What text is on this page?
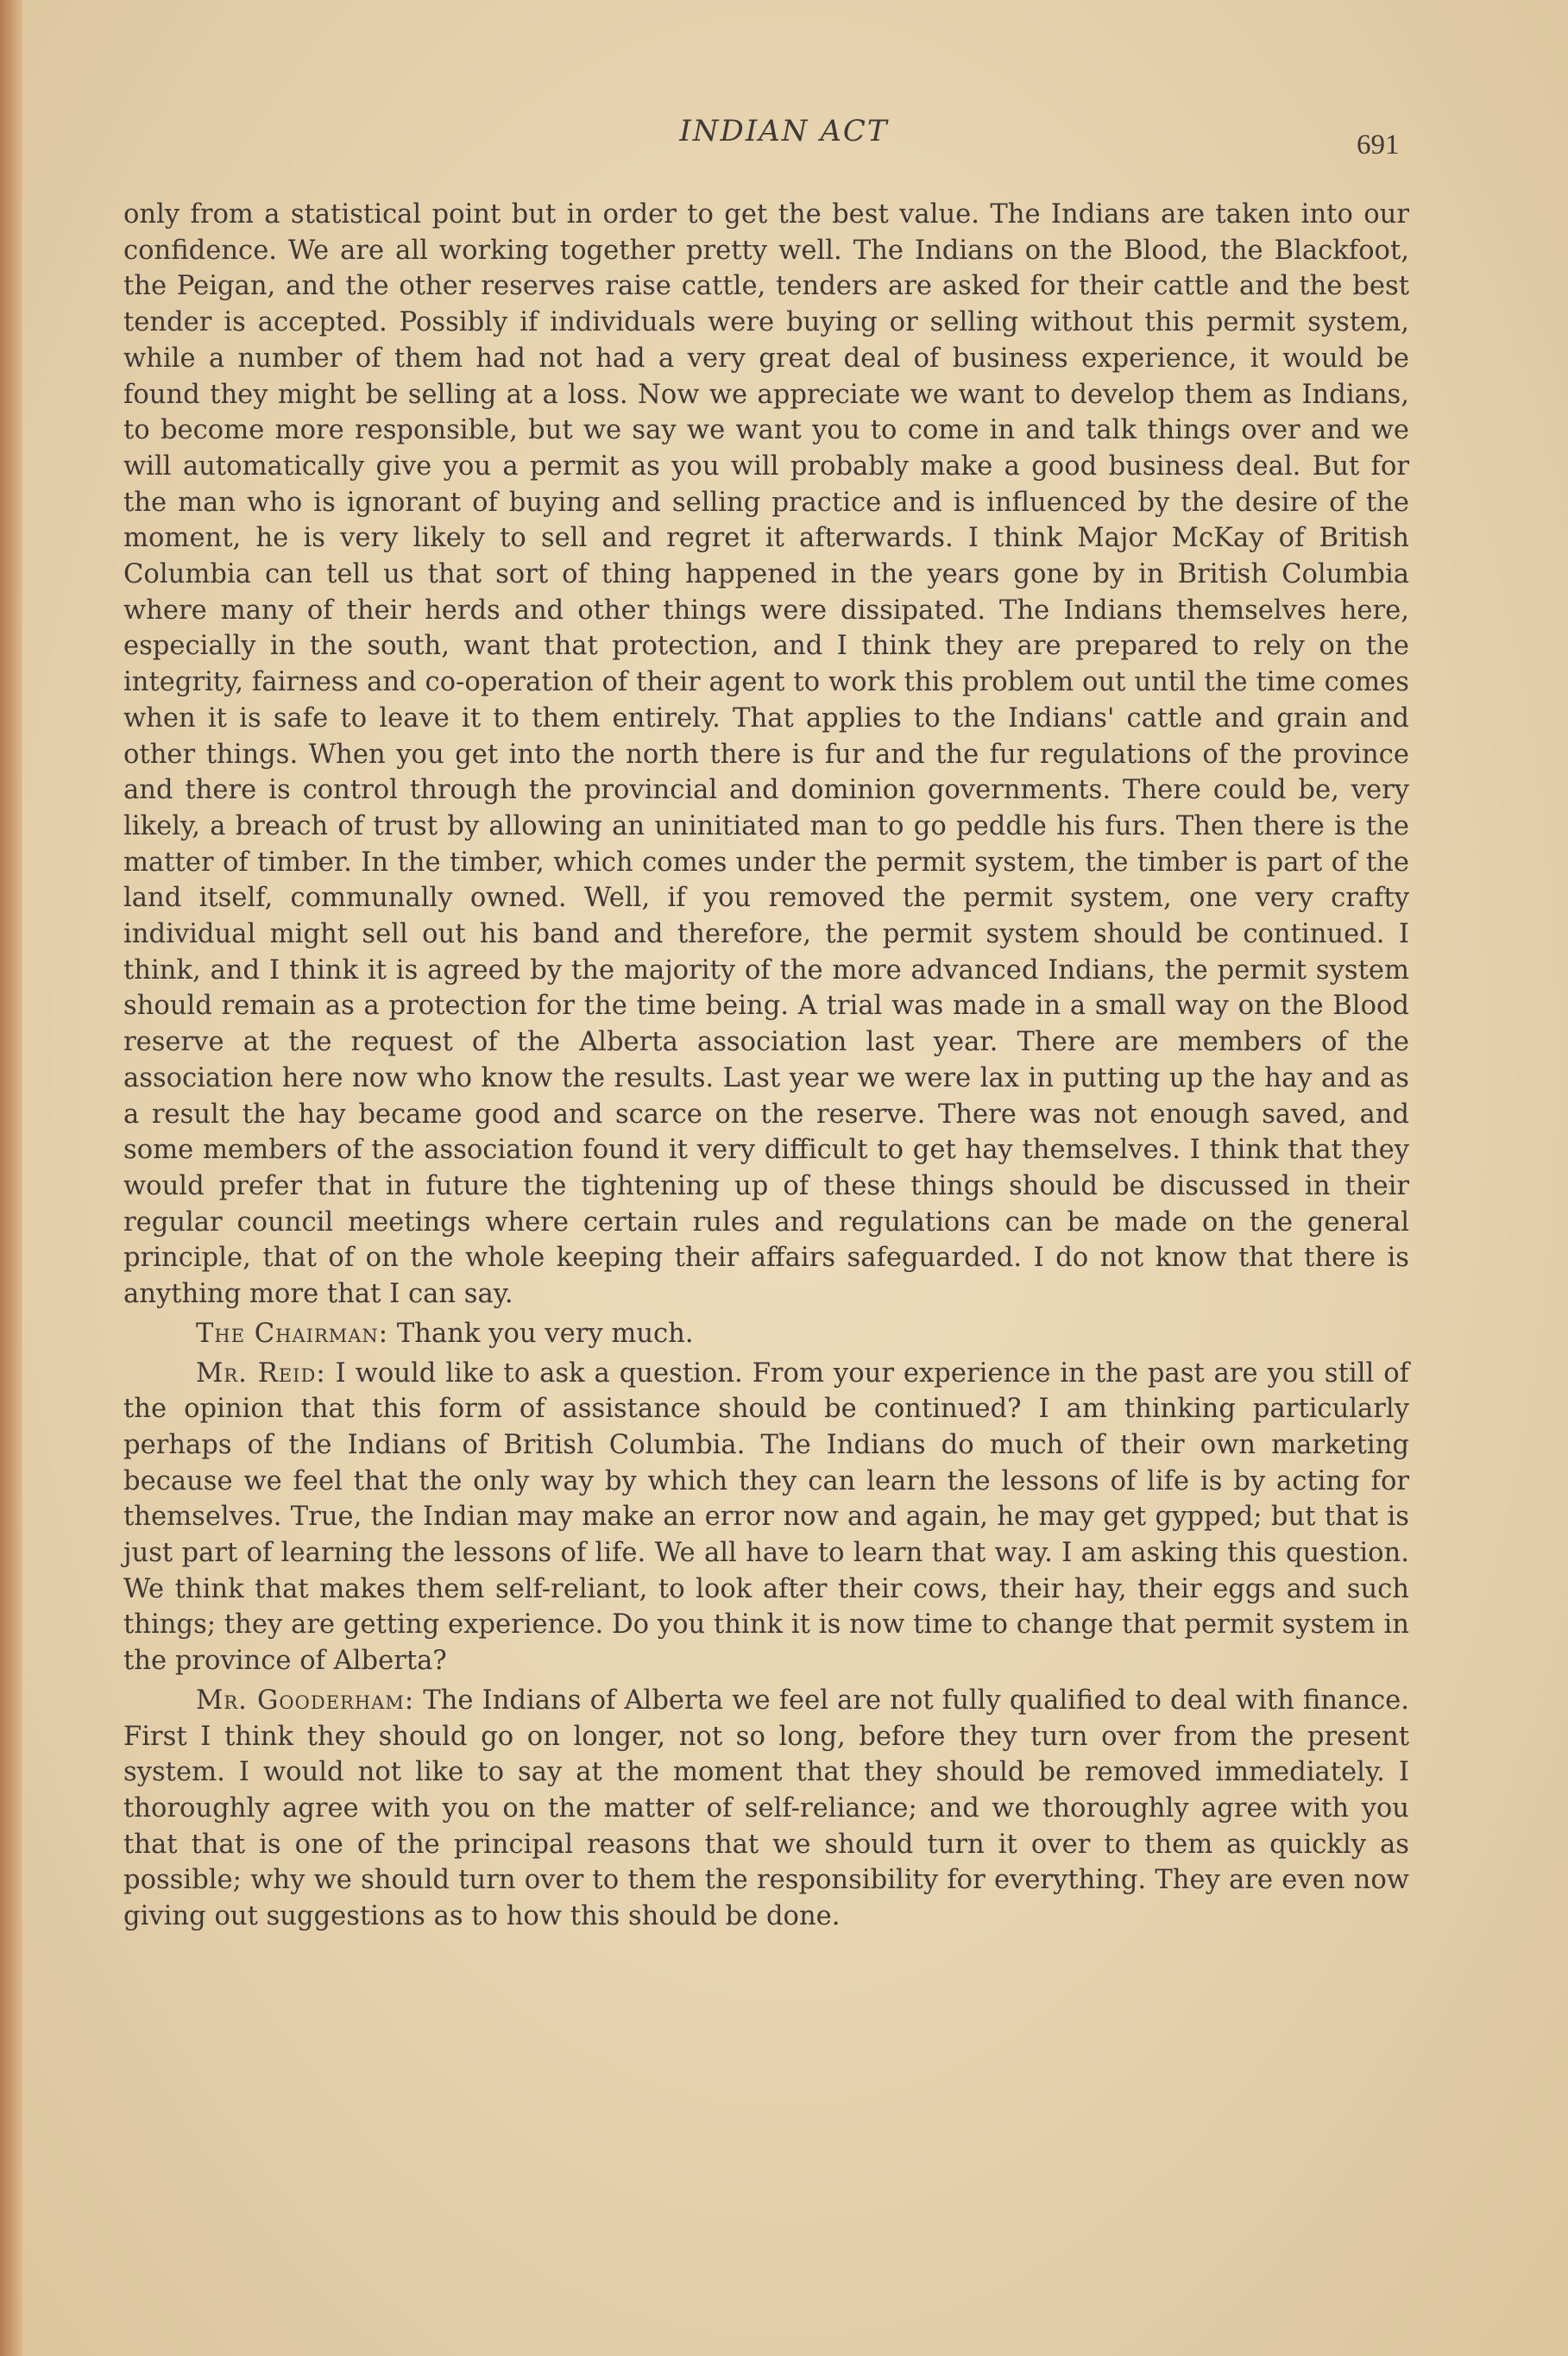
INDIAN ACT	691

only from a statistical point but in order to get the best value. The Indians are taken into our confidence. We are all working together pretty well. The Indians on the Blood, the Blackfoot, the Peigan, and the other reserves raise cattle, tenders are asked for their cattle and the best tender is accepted. Possibly if individuals were buying or selling without this permit system, while a number of them had not had a very great deal of business experience, it would be found they might be selling at a loss. Now we appreciate we want to develop them as Indians, to become more responsible, but we say we want you to come in and talk things over and we will automatically give you a permit as you will probably make a good business deal. But for the man who is ignorant of buying and selling practice and is influenced by the desire of the moment, he is very likely to sell and regret it afterwards. I think Major McKay of British Columbia can tell us that sort of thing happened in the years gone by in British Columbia where many of their herds and other things were dissipated. The Indians themselves here, especially in the south, want that protection, and I think they are prepared to rely on the integrity, fairness and co-operation of their agent to work this problem out until the time comes when it is safe to leave it to them entirely. That applies to the Indians' cattle and grain and other things. When you get into the north there is fur and the fur regulations of the province and there is control through the provincial and dominion governments. There could be, very likely, a breach of trust by allowing an uninitiated man to go peddle his furs. Then there is the matter of timber. In the timber, which comes under the permit system, the timber is part of the land itself, communally owned. Well, if you removed the permit system, one very crafty individual might sell out his band and therefore, the permit system should be continued. I think, and I think it is agreed by the majority of the more advanced Indians, the permit system should remain as a protection for the time being. A trial was made in a small way on the Blood reserve at the request of the Alberta association last year. There are members of the association here now who know the results. Last year we were lax in putting up the hay and as a result the hay became good and scarce on the reserve. There was not enough saved, and some members of the association found it very difficult to get hay themselves. I think that they would prefer that in future the tightening up of these things should be discussed in their regular council meetings where certain rules and regulations can be made on the general principle, that of on the whole keeping their affairs safeguarded. I do not know that there is anything more that I can say.

The Chairman: Thank you very much.

Mr. Reid: I would like to ask a question. From your experience in the past are you still of the opinion that this form of assistance should be continued? I am thinking particularly perhaps of the Indians of British Columbia. The Indians do much of their own marketing because we feel that the only way by which they can learn the lessons of life is by acting for themselves. True, the Indian may make an error now and again, he may get gypped; but that is just part of learning the lessons of life. We all have to learn that way. I am asking this question. We think that makes them self-reliant, to look after their cows, their hay, their eggs and such things; they are getting experience. Do you think it is now time to change that permit system in the province of Alberta?

Mr. Gooderham: The Indians of Alberta we feel are not fully qualified to deal with finance. First I think they should go on longer, not so long, before they turn over from the present system. I would not like to say at the moment that they should be removed immediately. I thoroughly agree with you on the matter of self-reliance; and we thoroughly agree with you that that is one of the principal reasons that we should turn it over to them as quickly as possible; why we should turn over to them the responsibility for everything. They are even now giving out suggestions as to how this should be done.
